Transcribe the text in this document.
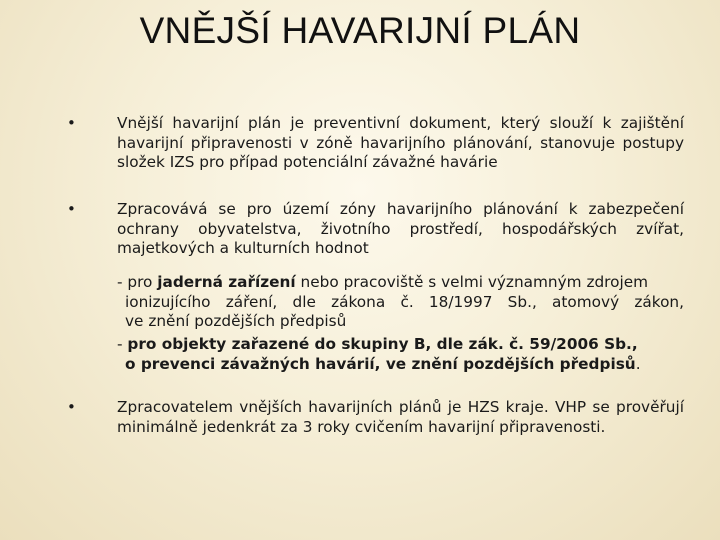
VNĚJŠÍ HAVARIJNÍ PLÁN
•	Vnější havarijní plán je preventivní dokument, který slouží k zajištění havarijní připravenosti v zóně havarijního plánování, stanovuje postupy složek IZS pro případ potenciální závažné havárie
•	Zpracovává se pro území zóny havarijního plánování k zabezpečení ochrany obyvatelstva, životního prostředí, hospodářských zvířat, majetkových a kulturních hodnot
- pro jaderná zařízení nebo pracoviště s velmi významným zdrojem
ionizujícího záření, dle zákona č. 18/1997 Sb., atomový zákon,
ve znění pozdějších předpisů
- pro objekty zařazené do skupiny B, dle zák. č. 59/2006 Sb.,
o prevenci závažných havárií, ve znění pozdějších předpisů.
•	Zpracovatelem vnějších havarijních plánů je HZS kraje. VHP se prověřují minimálně jedenkrát za 3 roky cvičením havarijní připravenosti.
